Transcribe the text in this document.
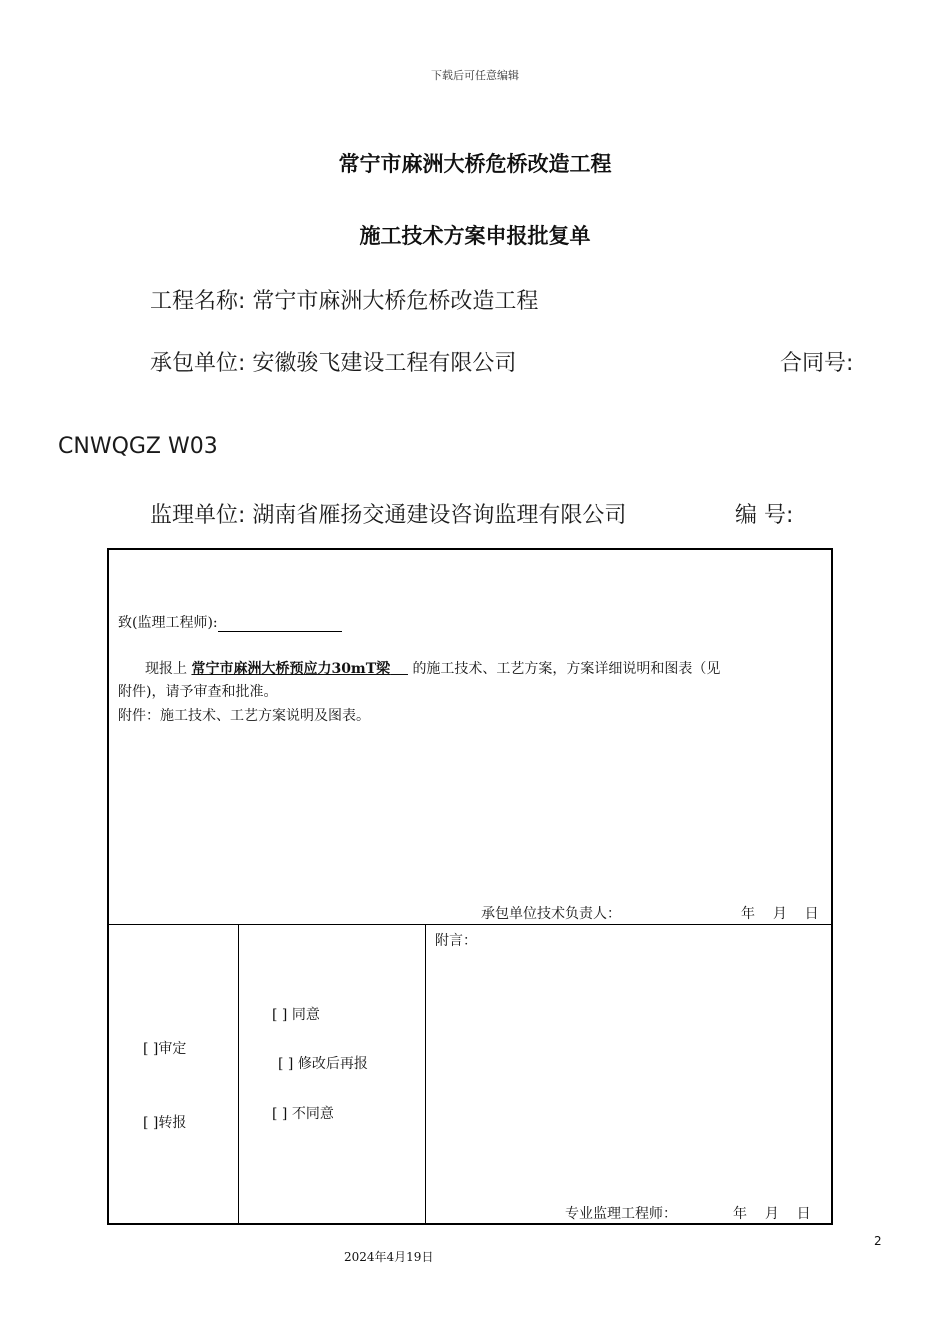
下载后可任意编辑
常宁市麻洲大桥危桥改造工程
施工技术方案申报批复单
工程名称: 常宁市麻洲大桥危桥改造工程
承包单位: 安徽骏飞建设工程有限公司	合同号:
CNWQGZ W03
监理单位: 湖南省雁扬交通建设咨询监理有限公司	编 号:
致(监理工程师):
现报上 常宁市麻洲大桥预应力30mT梁 的施工技术、工艺方案，方案详细说明和图表（见
附件)，请予审查和批准。
附件：施工技术、工艺方案说明及图表。
承包单位技术负责人：	年 月 日
[ ]审定
[ ]转报
[ ] 同意
[ ] 修改后再报
[ ] 不同意
附言：
专业监理工程师：	年 月 日
2
2024年4月19日
